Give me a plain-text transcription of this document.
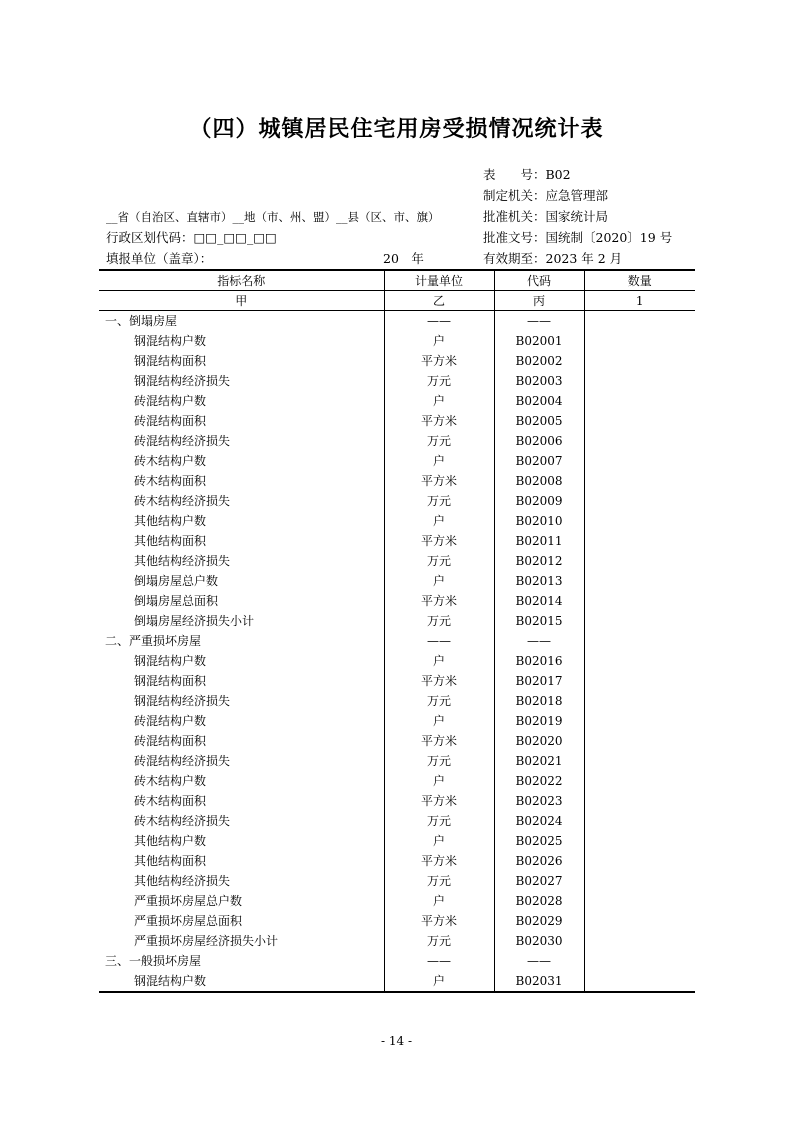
（四）城镇居民住宅用房受损情况统计表
表　　号：B02
制定机关：应急管理部
批准机关：国家统计局
批准文号：国统制〔2020〕19 号
有效期至：2023 年 2 月
__省（自治区、直辖市）__地（市、州、盟）__县（区、市、旗）
行政区划代码：□□_□□_□□
填报单位（盖章）：	20　年
指标名称	计量单位	代码	数量
甲	乙	丙	1
一、倒塌房屋	——	——	
钢混结构户数	户	B02001	
钢混结构面积	平方米	B02002	
钢混结构经济损失	万元	B02003	
砖混结构户数	户	B02004	
砖混结构面积	平方米	B02005	
砖混结构经济损失	万元	B02006	
砖木结构户数	户	B02007	
砖木结构面积	平方米	B02008	
砖木结构经济损失	万元	B02009	
其他结构户数	户	B02010	
其他结构面积	平方米	B02011	
其他结构经济损失	万元	B02012	
倒塌房屋总户数	户	B02013	
倒塌房屋总面积	平方米	B02014	
倒塌房屋经济损失小计	万元	B02015	
二、严重损坏房屋	——	——	
钢混结构户数	户	B02016	
钢混结构面积	平方米	B02017	
钢混结构经济损失	万元	B02018	
砖混结构户数	户	B02019	
砖混结构面积	平方米	B02020	
砖混结构经济损失	万元	B02021	
砖木结构户数	户	B02022	
砖木结构面积	平方米	B02023	
砖木结构经济损失	万元	B02024	
其他结构户数	户	B02025	
其他结构面积	平方米	B02026	
其他结构经济损失	万元	B02027	
严重损坏房屋总户数	户	B02028	
严重损坏房屋总面积	平方米	B02029	
严重损坏房屋经济损失小计	万元	B02030	
三、一般损坏房屋	——	——	
钢混结构户数	户	B02031	
- 14 -
